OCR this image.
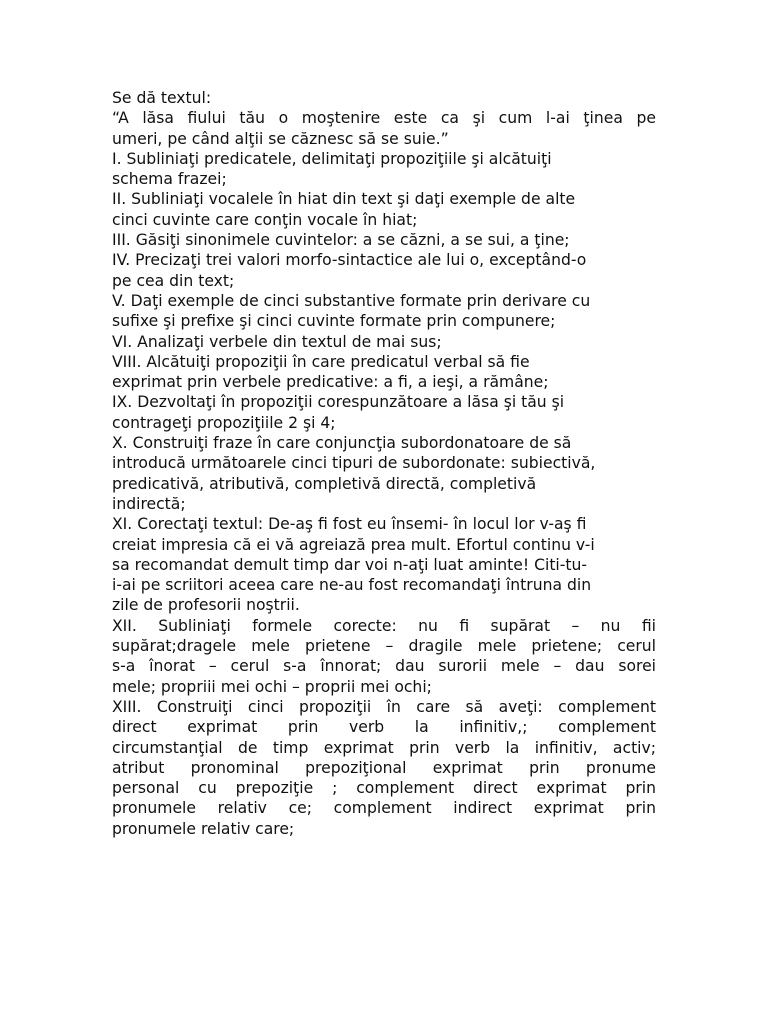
Se dă textul:
“A lăsa fiului tău o moştenire este ca şi cum l-ai ţinea pe
umeri, pe când alţii se căznesc să se suie.”
I. Subliniaţi predicatele, delimitaţi propoziţiile şi alcătuiţi
schema frazei;
II. Subliniaţi vocalele în hiat din text şi daţi exemple de alte
cinci cuvinte care conţin vocale în hiat;
III. Găsiţi sinonimele cuvintelor: a se căzni, a se sui, a ţine;
IV. Precizaţi trei valori morfo-sintactice ale lui o, exceptând-o
pe cea din text;
V. Daţi exemple de cinci substantive formate prin derivare cu
sufixe şi prefixe şi cinci cuvinte formate prin compunere;
VI. Analizaţi verbele din textul de mai sus;
VIII. Alcătuiţi propoziţii în care predicatul verbal să fie
exprimat prin verbele predicative: a fi, a ieşi, a rămâne;
IX. Dezvoltaţi în propoziţii corespunzătoare a lăsa şi tău şi
contrageţi propoziţiile 2 şi 4;
X. Construiţi fraze în care conjuncţia subordonatoare de să
introducă următoarele cinci tipuri de subordonate: subiectivă,
predicativă, atributivă, completivă directă, completivă
indirectă;
XI. Corectaţi textul: De-aş fi fost eu însemi- în locul lor v-aş fi
creiat impresia că ei vă agreiază prea mult. Efortul continu v-i
sa recomandat demult timp dar voi n-aţi luat aminte! Citi-tu-
i-ai pe scriitori aceea care ne-au fost recomandaţi întruna din
zile de profesorii noştrii.
XII. Subliniaţi formele corecte: nu fi supărat – nu fii
supărat;dragele mele prietene – dragile mele prietene; cerul
s-a înorat – cerul s-a înnorat; dau surorii mele – dau sorei
mele; propriii mei ochi – proprii mei ochi;
XIII. Construiţi cinci propoziţii în care să aveţi: complement
direct exprimat prin verb la infinitiv,; complement
circumstanţial de timp exprimat prin verb la infinitiv, activ;
atribut pronominal prepoziţional exprimat prin pronume
personal cu prepoziţie ; complement direct exprimat prin
pronumele relativ ce; complement indirect exprimat prin
pronumele relativ care;
